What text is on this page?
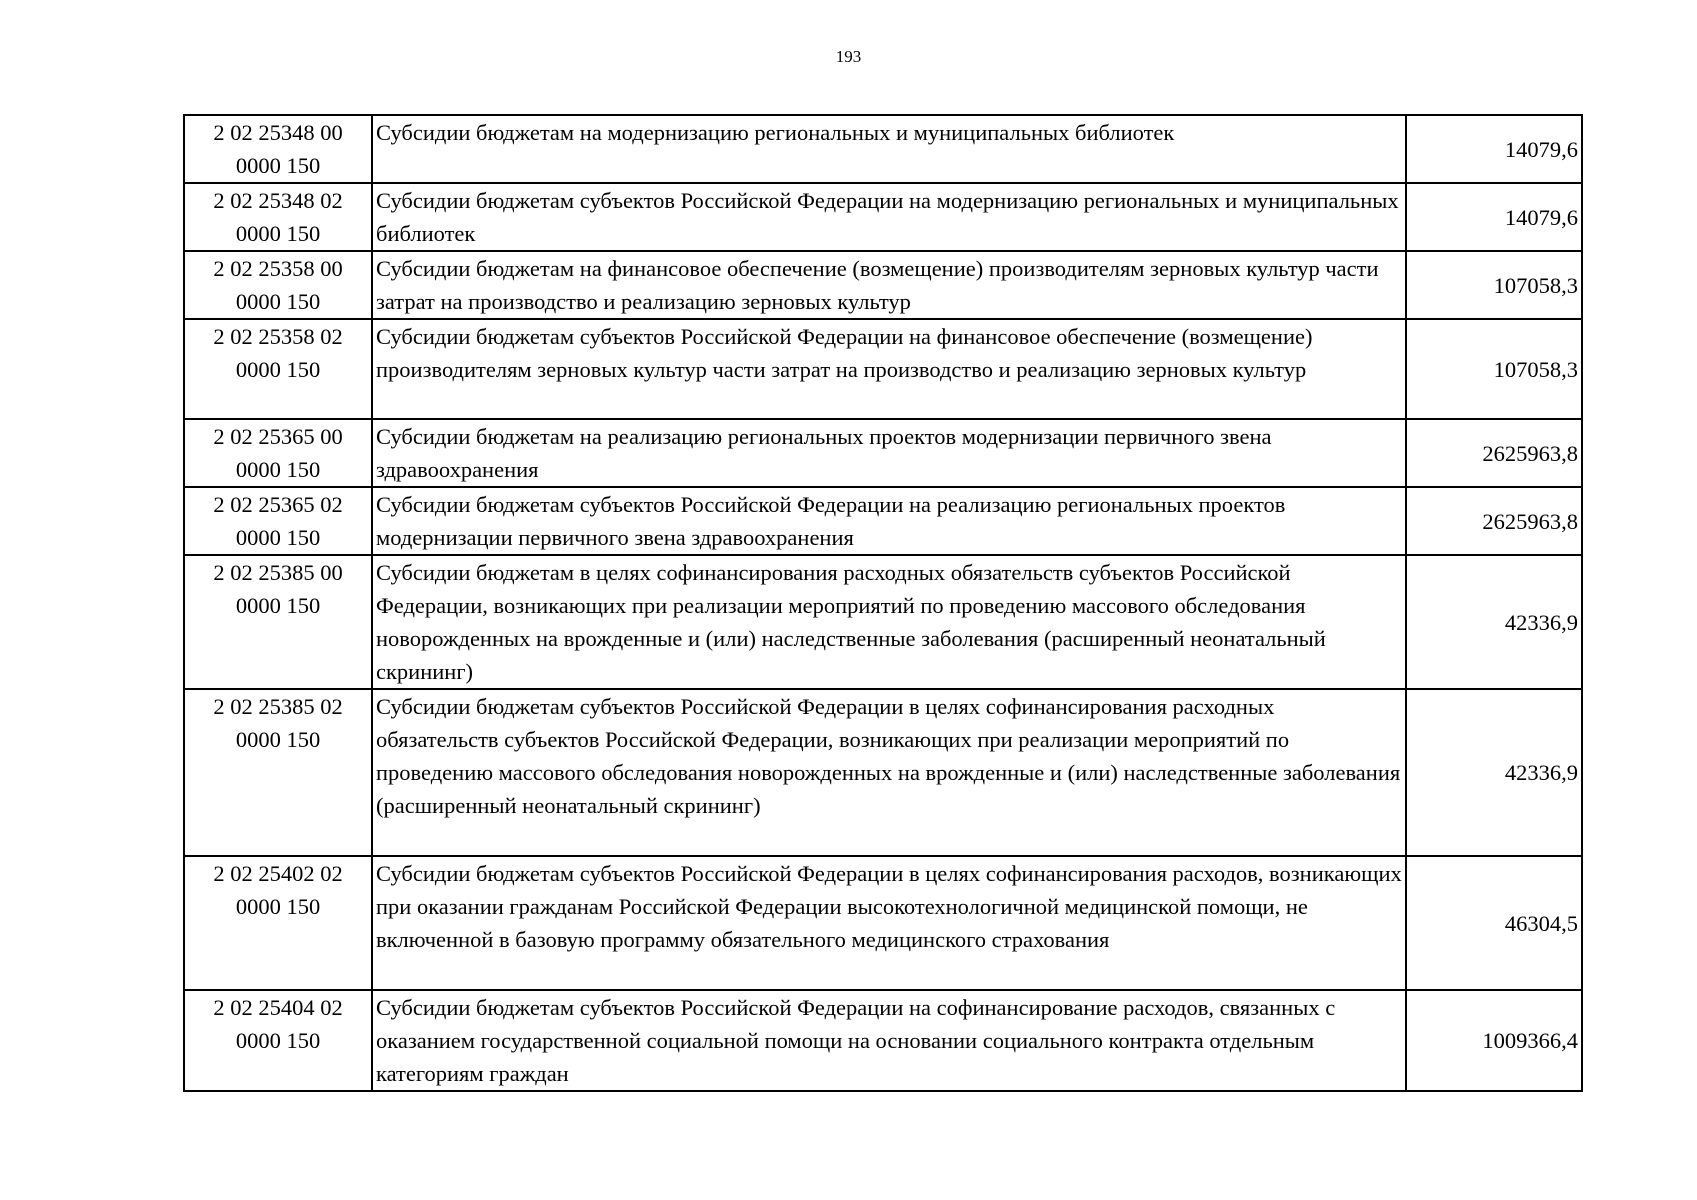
193
2 02 25348 00
0000 150	Субсидии бюджетам на модернизацию региональных и муниципальных библиотек	14079,6
2 02 25348 02
0000 150	Субсидии бюджетам субъектов Российской Федерации на модернизацию региональных и муниципальных библиотек	14079,6
2 02 25358 00
0000 150	Субсидии бюджетам на финансовое обеспечение (возмещение) производителям зерновых культур части затрат на производство и реализацию зерновых культур	107058,3
2 02 25358 02
0000 150	Субсидии бюджетам субъектов Российской Федерации на финансовое обеспечение (возмещение) производителям зерновых культур части затрат на производство и реализацию зерновых культур	107058,3
2 02 25365 00
0000 150	Субсидии бюджетам на реализацию региональных проектов модернизации первичного звена здравоохранения	2625963,8
2 02 25365 02
0000 150	Субсидии бюджетам субъектов Российской Федерации на реализацию региональных проектов модернизации первичного звена здравоохранения	2625963,8
2 02 25385 00
0000 150	Субсидии бюджетам в целях софинансирования расходных обязательств субъектов Российской Федерации, возникающих при реализации мероприятий по проведению массового обследования новорожденных на врожденные и (или) наследственные заболевания (расширенный неонатальный скрининг)	42336,9
2 02 25385 02
0000 150	Субсидии бюджетам субъектов Российской Федерации в целях софинансирования расходных обязательств субъектов Российской Федерации, возникающих при реализации мероприятий по проведению массового обследования новорожденных на врожденные и (или) наследственные заболевания (расширенный неонатальный скрининг)	42336,9
2 02 25402 02
0000 150	Субсидии бюджетам субъектов Российской Федерации в целях софинансирования расходов, возникающих при оказании гражданам Российской Федерации высокотехнологичной медицинской помощи, не включенной в базовую программу обязательного медицинского страхования	46304,5
2 02 25404 02
0000 150	Субсидии бюджетам субъектов Российской Федерации на софинансирование расходов, связанных с оказанием государственной социальной помощи на основании социального контракта отдельным категориям граждан	1009366,4
